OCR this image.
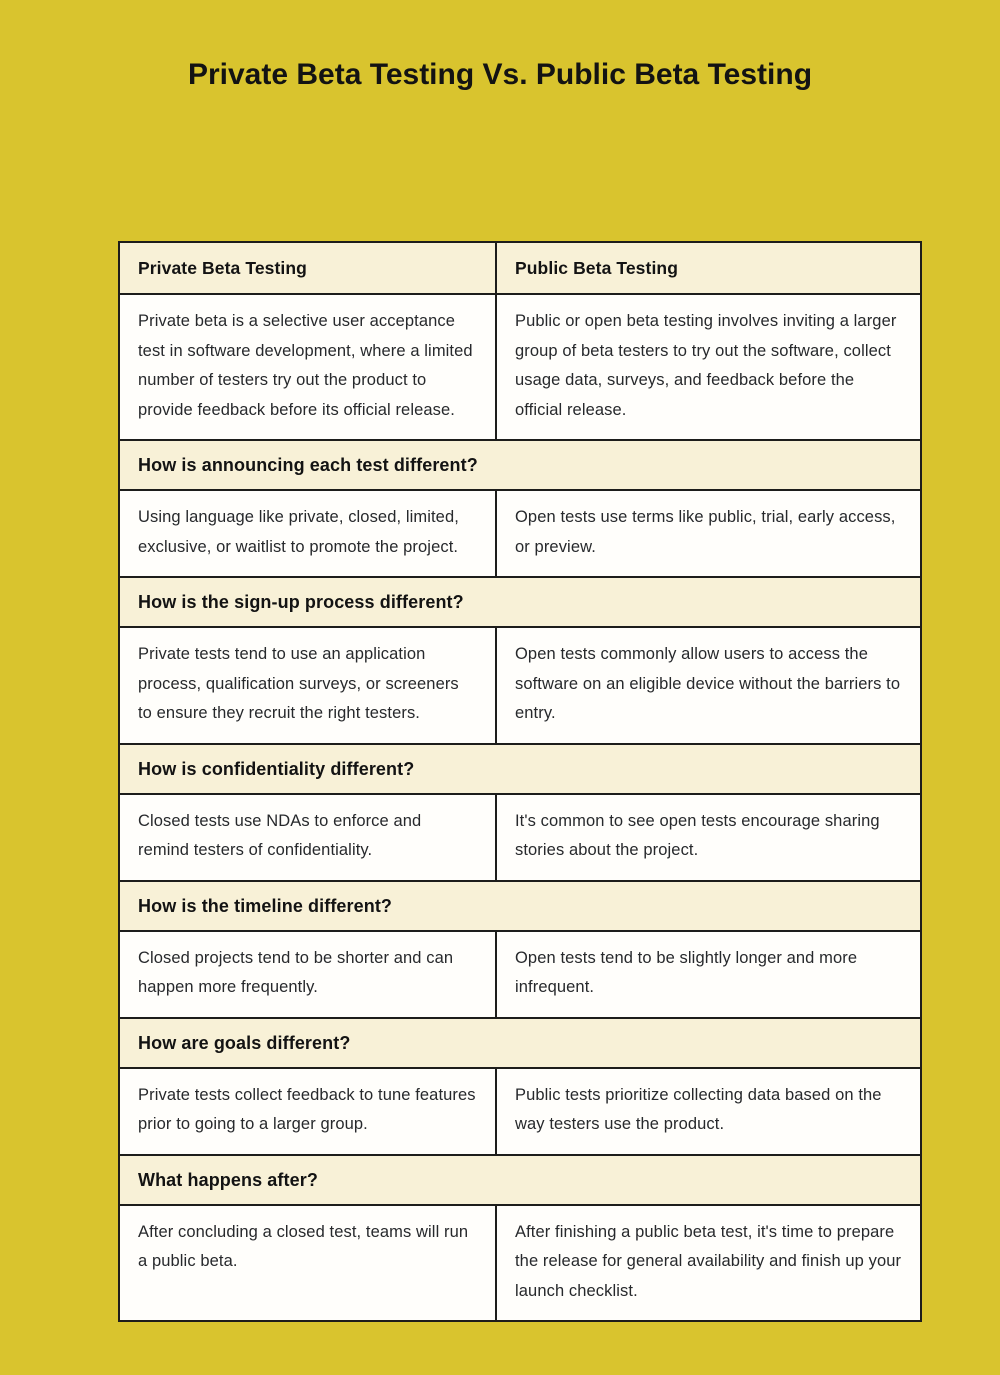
Private Beta Testing Vs. Public Beta Testing
Private Beta Testing	Public Beta Testing
Private beta is a selective user acceptance test in software development, where a limited number of testers try out the product to provide feedback before its official release.
Public or open beta testing involves inviting a larger group of beta testers to try out the software, collect usage data, surveys, and feedback before the official release.
How is announcing each test different?
Using language like private, closed, limited, exclusive, or waitlist to promote the project.
Open tests use terms like public, trial, early access, or preview.
How is the sign-up process different?
Private tests tend to use an application process, qualification surveys, or screeners to ensure they recruit the right testers.
Open tests commonly allow users to access the software on an eligible device without the barriers to entry.
How is confidentiality different?
Closed tests use NDAs to enforce and remind testers of confidentiality.
It's common to see open tests encourage sharing stories about the project.
How is the timeline different?
Closed projects tend to be shorter and can happen more frequently.
Open tests tend to be slightly longer and more infrequent.
How are goals different?
Private tests collect feedback to tune features prior to going to a larger group.
Public tests prioritize collecting data based on the way testers use the product.
What happens after?
After concluding a closed test, teams will run a public beta.
After finishing a public beta test, it's time to prepare the release for general availability and finish up your launch checklist.
